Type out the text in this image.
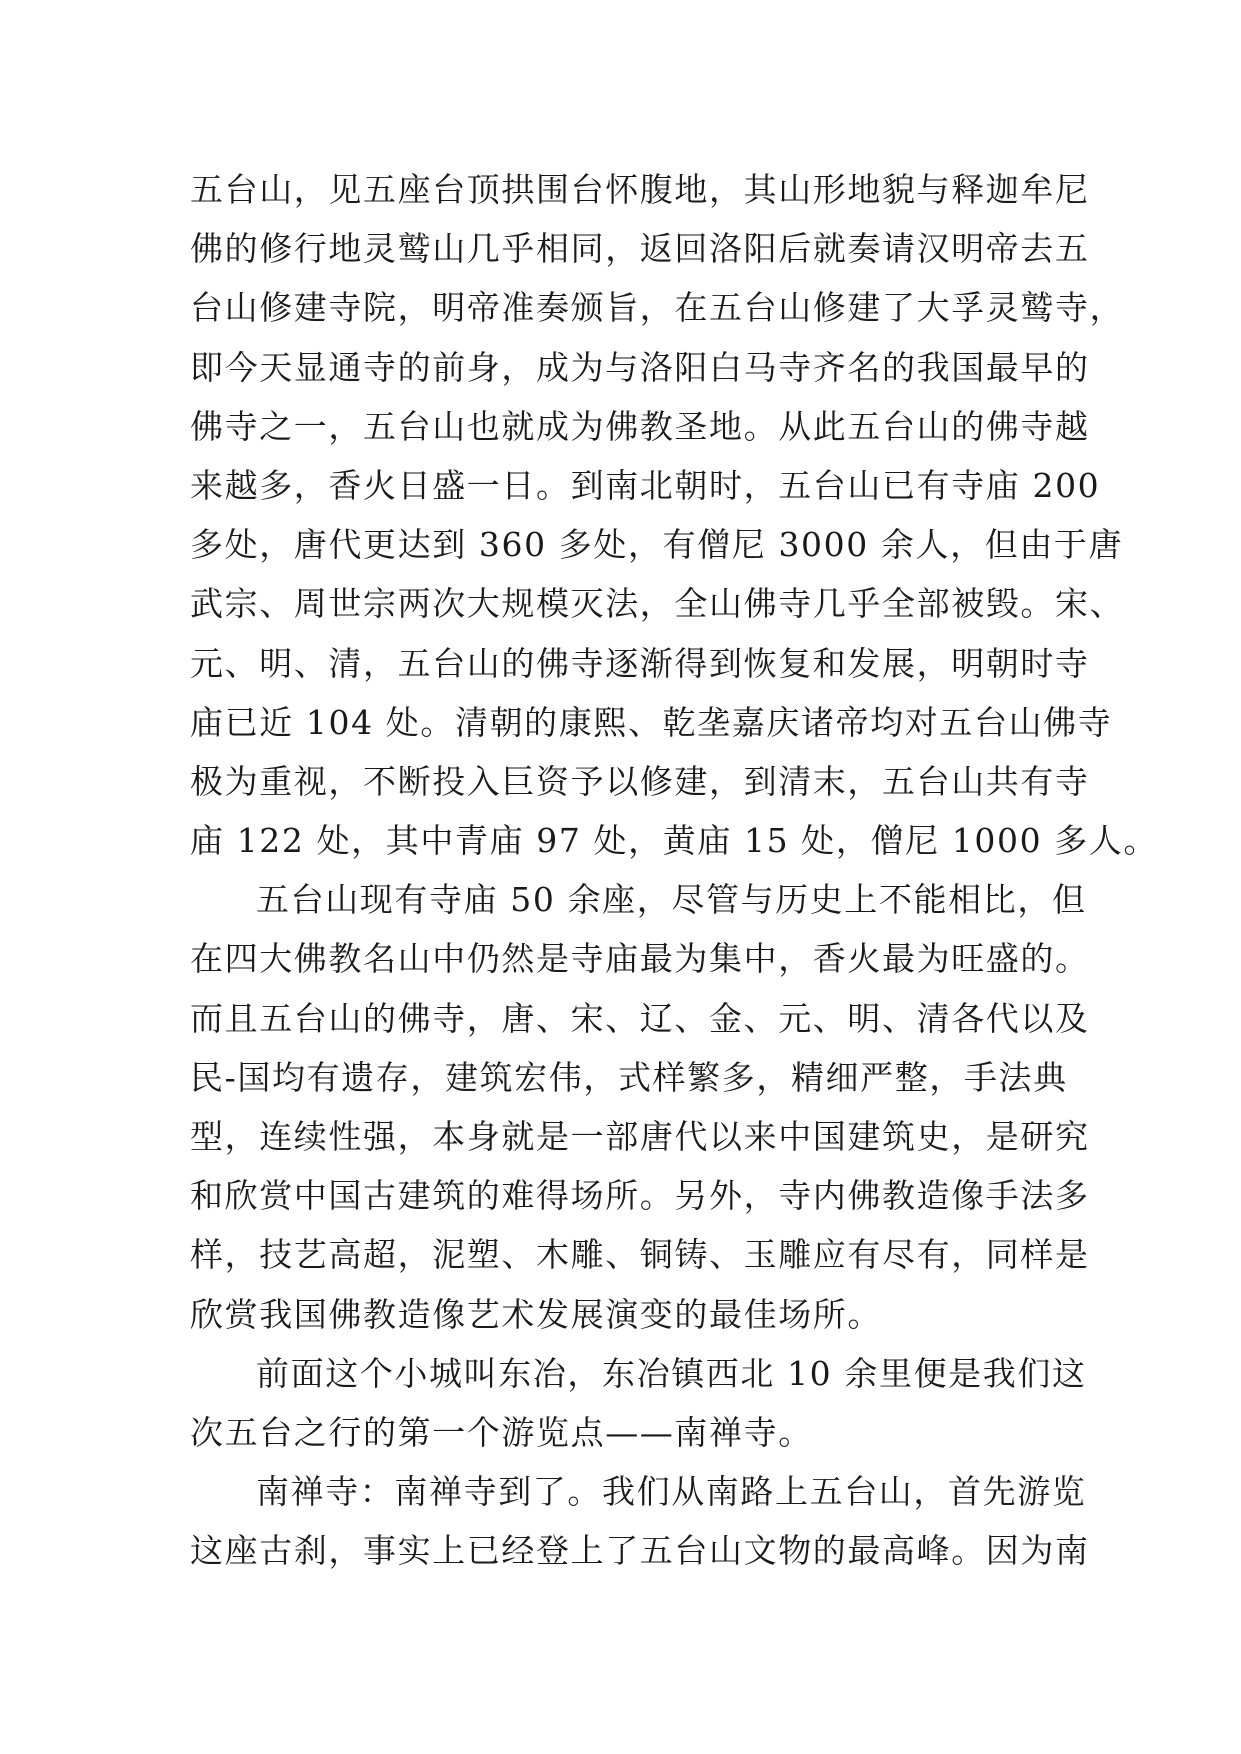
五台山，见五座台顶拱围台怀腹地，其山形地貌与释迦牟尼
佛的修行地灵鹫山几乎相同，返回洛阳后就奏请汉明帝去五
台山修建寺院，明帝准奏颁旨，在五台山修建了大孚灵鹫寺，
即今天显通寺的前身，成为与洛阳白马寺齐名的我国最早的
佛寺之一，五台山也就成为佛教圣地。从此五台山的佛寺越
来越多，香火日盛一日。到南北朝时，五台山已有寺庙 200
多处，唐代更达到 360 多处，有僧尼 3000 余人，但由于唐
武宗、周世宗两次大规模灭法，全山佛寺几乎全部被毁。宋、
元、明、清，五台山的佛寺逐渐得到恢复和发展，明朝时寺
庙已近 104 处。清朝的康熙、乾垄嘉庆诸帝均对五台山佛寺
极为重视，不断投入巨资予以修建，到清末，五台山共有寺
庙 122 处，其中青庙 97 处，黄庙 15 处，僧尼 1000 多人。
五台山现有寺庙 50 余座，尽管与历史上不能相比，但
在四大佛教名山中仍然是寺庙最为集中，香火最为旺盛的。
而且五台山的佛寺，唐、宋、辽、金、元、明、清各代以及
民-国均有遗存，建筑宏伟，式样繁多，精细严整，手法典
型，连续性强，本身就是一部唐代以来中国建筑史，是研究
和欣赏中国古建筑的难得场所。另外，寺内佛教造像手法多
样，技艺高超，泥塑、木雕、铜铸、玉雕应有尽有，同样是
欣赏我国佛教造像艺术发展演变的最佳场所。
前面这个小城叫东冶，东冶镇西北 10 余里便是我们这
次五台之行的第一个游览点——南禅寺。
南禅寺：南禅寺到了。我们从南路上五台山，首先游览
这座古刹，事实上已经登上了五台山文物的最高峰。因为南
